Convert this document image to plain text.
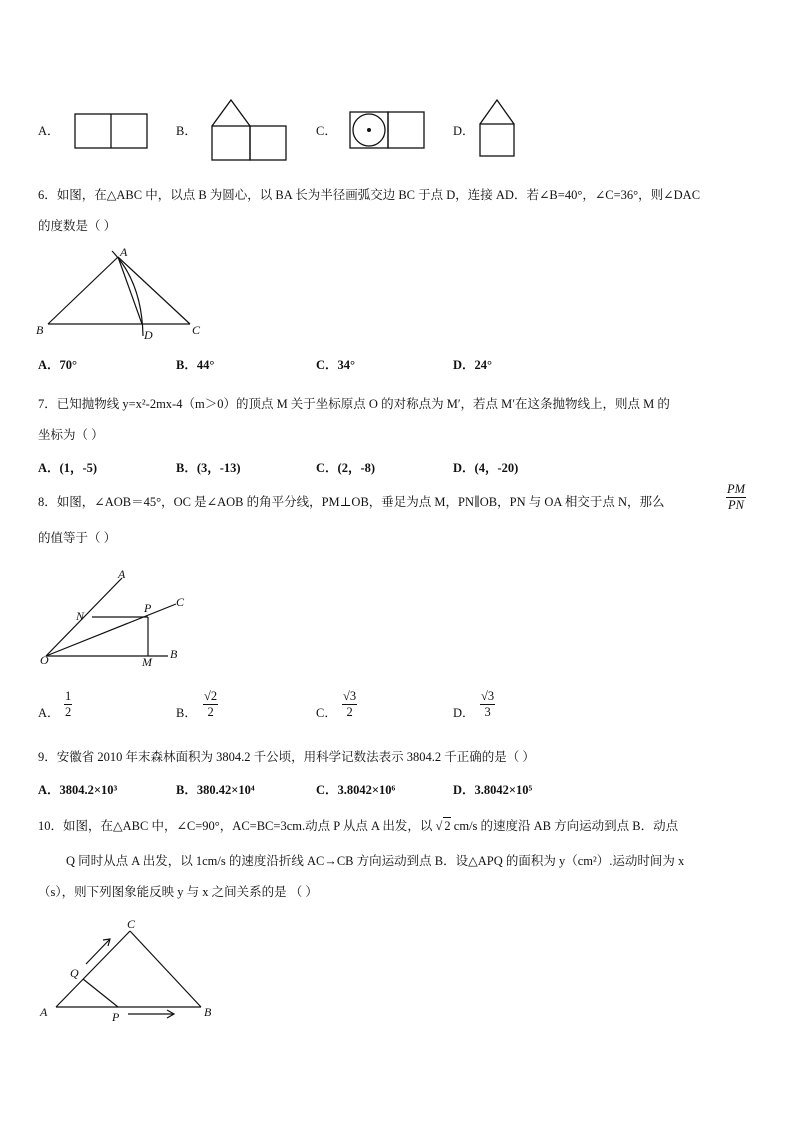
A．	B．	C．	D．
6．如图，在△ABC 中，以点 B 为圆心，以 BA 长为半径画弧交边 BC 于点 D，连接 AD．若∠B=40°，∠C=36°，则∠DAC
的度数是（ ）
A
B	C
D
A．70°	B．44°	C．34°	D．24°
7．已知抛物线 y=x²-2mx-4（m＞0）的顶点 M 关于坐标原点 O 的对称点为 M′，若点 M′在这条抛物线上，则点 M 的
坐标为（ ）
A．(1，-5)	B．(3，-13)	C．(2，-8)	D．(4，-20)
8．如图，∠AOB＝45°，OC 是∠AOB 的角平分线，PM⊥OB，垂足为点 M，PN∥OB，PN 与 OA 相交于点 N，那么	$\frac{PM}{PN}$
的值等于（ ）
A
N
P C
O	M
B
A． $\frac{1}{2}$	B． $\frac{√2}{2}$	C． $\frac{√3}{2}$	D． $\frac{√3}{3}$
9．安徽省 2010 年末森林面积为 3804.2 千公顷，用科学记数法表示 3804.2 千正确的是（ ）
A．3804.2×10³	B．380.42×10⁴	C．3.8042×10⁶	D．3.8042×10⁵
10．如图，在△ABC 中，∠C=90°，AC=BC=3cm.动点 P 从点 A 出发，以 √ 2 cm/s 的速度沿 AB 方向运动到点 B．动点
Q 同时从点 A 出发，以 1cm/s 的速度沿折线 AC→CB 方向运动到点 B．设△APQ 的面积为 y（cm²）.运动时间为 x
（s），则下列图象能反映 y 与 x 之间关系的是 （ ）
C
Q
A	P	B
